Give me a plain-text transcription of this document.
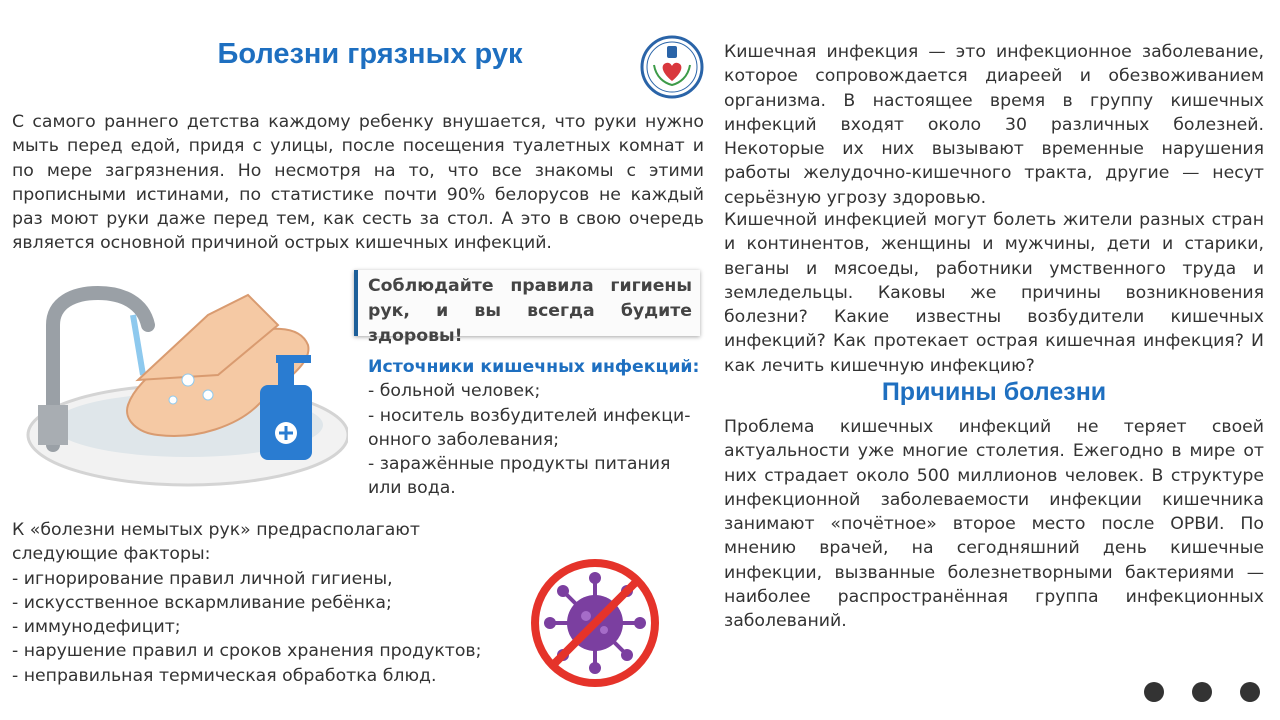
Болезни грязных рук
С самого раннего детства каждому ребенку внушается, что руки нужно мыть перед едой, придя с улицы, после посещения туалетных комнат и по мере загрязнения. Но несмотря на то, что все знакомы с этими прописными истинами, по статистике почти 90% белорусов не каждый раз моют руки даже перед тем, как сесть за стол. А это в свою очередь является основной причиной острых кишечных инфекций.

Соблюдайте правила гигиены рук, и вы всегда будите здоровы!

Источники кишечных инфекций:
- больной человек;
- носитель возбудителей инфекци-онного заболевания;
- заражённые продукты питания или вода.
К «болезни немытых рук» предрасполагают следующие факторы:
- игнорирование правил личной гигиены,
- искусственное вскармливание ребёнка;
- иммунодефицит;
- нарушение правил и сроков хранения продуктов;
- неправильная термическая обработка блюд.
Кишечная инфекция — это инфекционное заболевание, которое сопровождается диареей и обезвоживанием организма. В настоящее время в группу кишечных инфекций входят около 30 различных болезней. Некоторые их них вызывают временные нарушения работы желудочно-кишечного тракта, другие — несут серьёзную угрозу здоровью.
Кишечной инфекцией могут болеть жители разных стран и континентов, женщины и мужчины, дети и старики, веганы и мясоеды, работники умственного труда и земледельцы. Каковы же причины возникновения болезни? Какие известны возбудители кишечных инфекций? Как протекает острая кишечная инфекция? И как лечить кишечную инфекцию?
Причины болезни
Проблема кишечных инфекций не теряет своей актуальности уже многие столетия. Ежегодно в мире от них страдает около 500 миллионов человек. В структуре инфекционной заболеваемости инфекции кишечника занимают «почётное» второе место после ОРВИ. По мнению врачей, на сегодняшний день кишечные инфекции, вызванные болезнетворными бактериями — наиболее распространённая группа инфекционных заболеваний.
